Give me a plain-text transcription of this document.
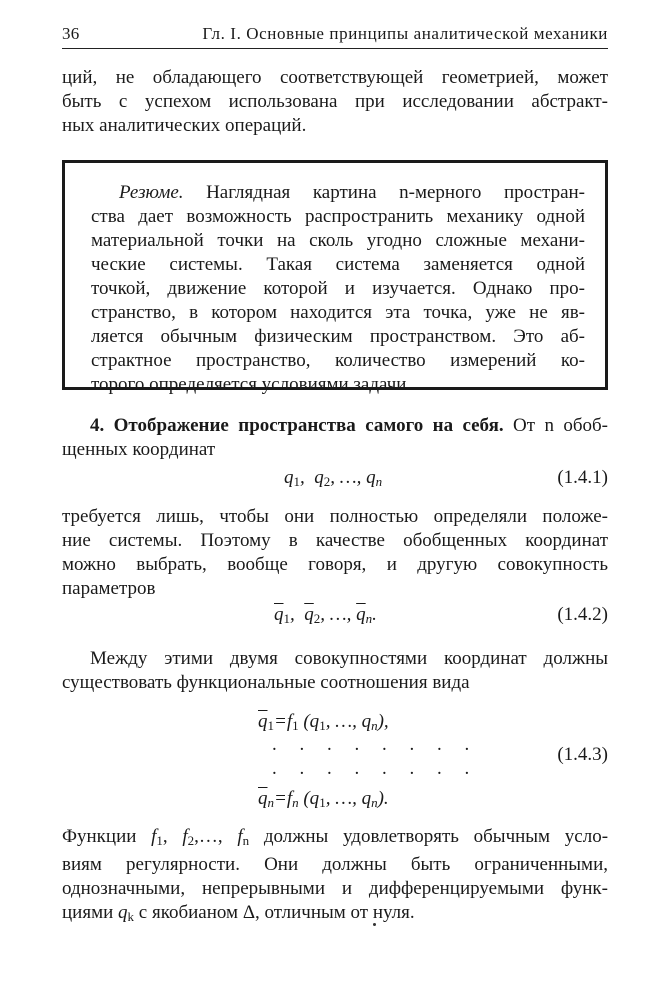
36	Гл. I. Основные принципы аналитической механики

ций, не обладающего соответствующей геометрией, может
быть с успехом использована при исследовании абстракт-
ных аналитических операций.

Резюме. Наглядная картина n-мерного простран-
ства дает возможность распространить механику одной
материальной точки на сколь угодно сложные механи-
ческие системы. Такая система заменяется одной
точкой, движение которой и изучается. Однако про-
странство, в котором находится эта точка, уже не яв-
ляется обычным физическим пространством. Это аб-
страктное пространство, количество измерений ко-
торого определяется условиями задачи.

4. Отображение пространства самого на себя. От n обоб-
щенных координат

$q_1$,  $q_2$, …, $q_n$	(1.4.1)

требуется лишь, чтобы они полностью определяли положе-
ние системы. Поэтому в качестве обобщенных координат
можно выбрать, вообще говоря, и другую совокупность
параметров

$\overline{q}_1$,  $\overline{q}_2$, …, $\overline{q}_n$.	(1.4.2)

Между этими двумя совокупностями координат должны
существовать функциональные соотношения вида

$\overline{q}_1=f_1$ ($q_1$, …, $q_n$),
. . . . . . . .
. . . . . . . .
$\overline{q}_n=f_n$ ($q_1$, …, $q_n$).
(1.4.3)

Функции $f_1$, $f_2,\dots$, $f_n$ должны удовлетворять обычным усло-
виям регулярности. Они должны быть ограниченными,
однозначными, непрерывными и дифференцируемыми функ-
циями $q_k$ с якобианом Δ, отличным от нуля.
